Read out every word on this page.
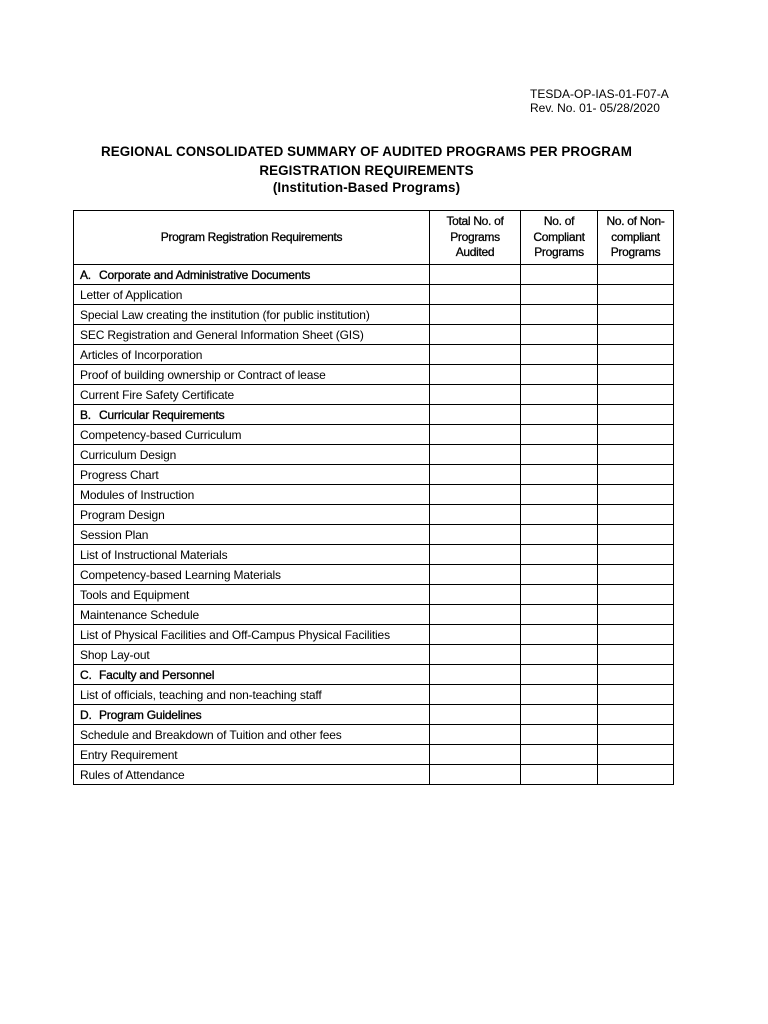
TESDA-OP-IAS-01-F07-A
Rev. No. 01- 05/28/2020
REGIONAL CONSOLIDATED SUMMARY OF AUDITED PROGRAMS PER PROGRAM
REGISTRATION REQUIREMENTS
(Institution-Based Programs)
Program Registration Requirements	Total No. of Programs Audited	No. of Compliant Programs	No. of Non-compliant Programs
A. Corporate and Administrative Documents			
Letter of Application			
Special Law creating the institution (for public institution)			
SEC Registration and General Information Sheet (GIS)			
Articles of Incorporation			
Proof of building ownership or Contract of lease			
Current Fire Safety Certificate			
B. Curricular Requirements			
Competency-based Curriculum			
Curriculum Design			
Progress Chart			
Modules of Instruction			
Program Design			
Session Plan			
List of Instructional Materials			
Competency-based Learning Materials			
Tools and Equipment			
Maintenance Schedule			
List of Physical Facilities and Off-Campus Physical Facilities			
Shop Lay-out			
C. Faculty and Personnel			
List of officials, teaching and non-teaching staff			
D. Program Guidelines			
Schedule and Breakdown of Tuition and other fees			
Entry Requirement			
Rules of Attendance			
